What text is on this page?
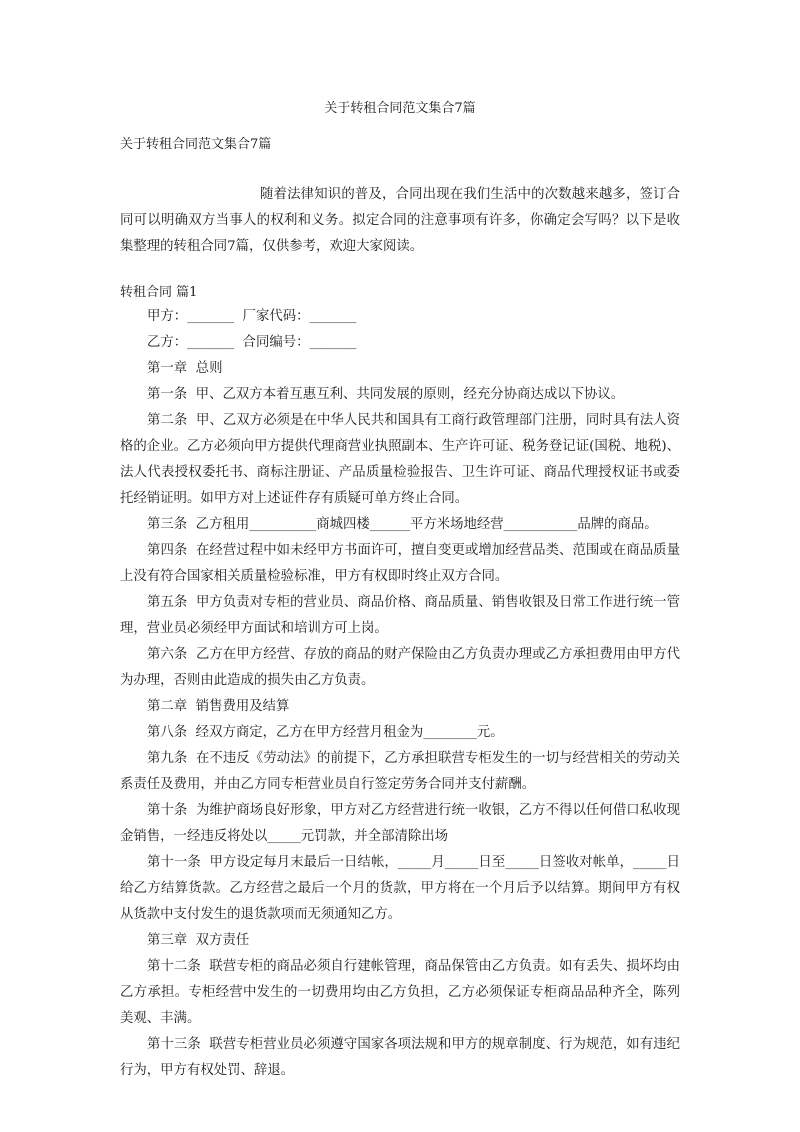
关于转租合同范文集合7篇
关于转租合同范文集合7篇
随着法律知识的普及，合同出现在我们生活中的次数越来越多，签订合同可以明确双方当事人的权利和义务。拟定合同的注意事项有许多，你确定会写吗？以下是收集整理的转租合同7篇，仅供参考，欢迎大家阅读。
转租合同 篇1

甲方：_______  厂家代码：_______

乙方：_______  合同编号：_______

第一章  总则

第一条  甲、乙双方本着互惠互利、共同发展的原则，经充分协商达成以下协议。

第二条  甲、乙双方必须是在中华人民共和国具有工商行政管理部门注册，同时具有法人资格的企业。乙方必须向甲方提供代理商营业执照副本、生产许可证、税务登记证(国税、地税)、法人代表授权委托书、商标注册证、产品质量检验报告、卫生许可证、商品代理授权证书或委托经销证明。如甲方对上述证件存有质疑可单方终止合同。

第三条  乙方租用__________商城四楼______平方米场地经营___________品牌的商品。

第四条  在经营过程中如未经甲方书面许可，擅自变更或增加经营品类、范围或在商品质量上没有符合国家相关质量检验标准，甲方有权即时终止双方合同。

第五条  甲方负责对专柜的营业员、商品价格、商品质量、销售收银及日常工作进行统一管理，营业员必须经甲方面试和培训方可上岗。

第六条  乙方在甲方经营、存放的商品的财产保险由乙方负责办理或乙方承担费用由甲方代为办理，否则由此造成的损失由乙方负责。

第二章  销售费用及结算

第八条  经双方商定，乙方在甲方经营月租金为________元。

第九条  在不违反《劳动法》的前提下，乙方承担联营专柜发生的一切与经营相关的劳动关系责任及费用，并由乙方同专柜营业员自行签定劳务合同并支付薪酬。

第十条  为维护商场良好形象，甲方对乙方经营进行统一收银，乙方不得以任何借口私收现金销售，一经违反将处以_____元罚款，并全部清除出场

第十一条  甲方设定每月末最后一日结帐，_____月_____日至_____日签收对帐单，_____日给乙方结算货款。乙方经营之最后一个月的货款，甲方将在一个月后予以结算。期间甲方有权从货款中支付发生的退货款项而无须通知乙方。

第三章  双方责任

第十二条  联营专柜的商品必须自行建帐管理，商品保管由乙方负责。如有丢失、损坏均由乙方承担。专柜经营中发生的一切费用均由乙方负担，乙方必须保证专柜商品品种齐全，陈列美观、丰满。

第十三条  联营专柜营业员必须遵守国家各项法规和甲方的规章制度、行为规范，如有违纪行为，甲方有权处罚、辞退。
